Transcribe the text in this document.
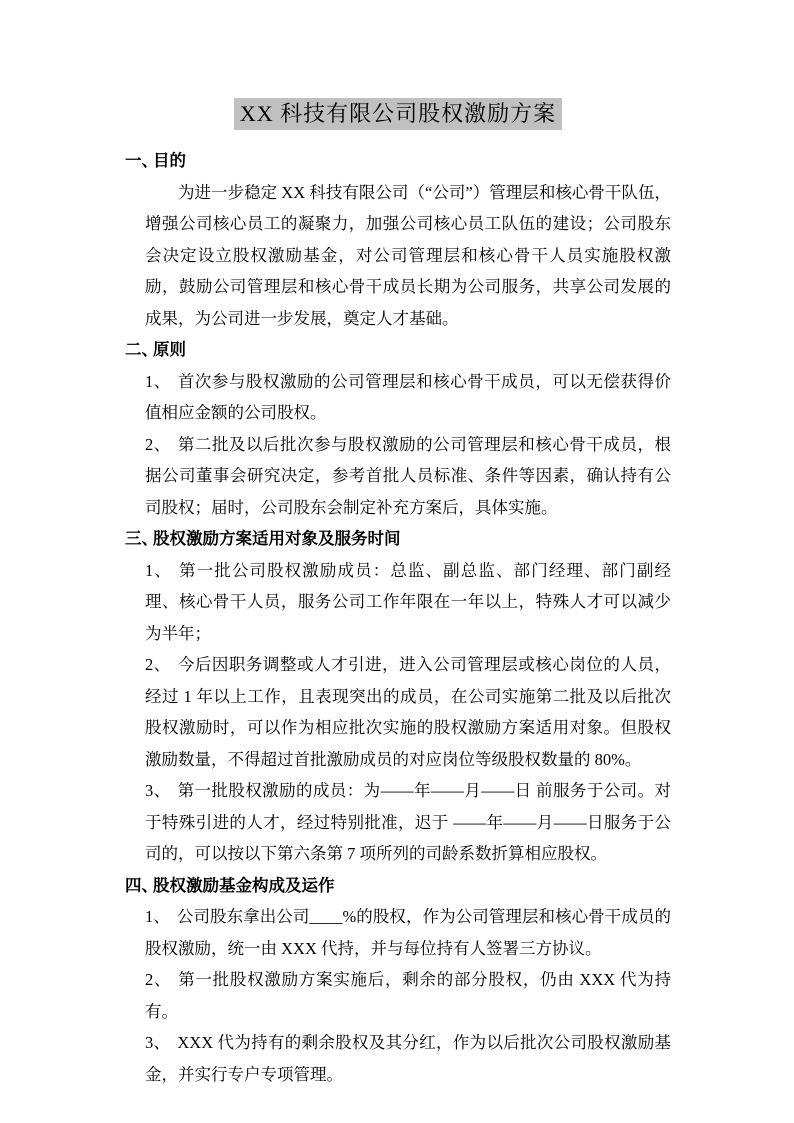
XX 科技有限公司股权激励方案
一、
目的

为进一步稳定 XX 科技有限公司（“公司”）管理层和核心骨干队伍，增强公司核心员工的凝聚力，加强公司核心员工队伍的建设；公司股东会决定设立股权激励基金，对公司管理层和核心骨干人员实施股权激励，鼓励公司管理层和核心骨干成员长期为公司服务，共享公司发展的成果，为公司进一步发展，奠定人才基础。

二、
原则
1、 首次参与股权激励的公司管理层和核心骨干成员，可以无偿获得价值相应金额的公司股权。
2、 第二批及以后批次参与股权激励的公司管理层和核心骨干成员，根据公司董事会研究决定，参考首批人员标准、条件等因素，确认持有公司股权；届时，公司股东会制定补充方案后，具体实施。
三、
股权激励方案适用对象及服务时间
1、 第一批公司股权激励成员：总监、副总监、部门经理、部门副经理、核心骨干人员，服务公司工作年限在一年以上，特殊人才可以减少为半年；
2、 今后因职务调整或人才引进，进入公司管理层或核心岗位的人员，经过 1 年以上工作，且表现突出的成员，在公司实施第二批及以后批次股权激励时，可以作为相应批次实施的股权激励方案适用对象。但股权激励数量，不得超过首批激励成员的对应岗位等级股权数量的 80%。
3、 第一批股权激励的成员：为——年——月——日 前服务于公司。对于特殊引进的人才，经过特别批准，迟于 ——年——月——日服务于公司的，可以按以下第六条第 7 项所列的司龄系数折算相应股权。
四、
股权激励基金构成及运作
1、 公司股东拿出公司____%的股权，作为公司管理层和核心骨干成员的股权激励，统一由 XXX 代持，并与每位持有人签署三方协议。
2、 第一批股权激励方案实施后，剩余的部分股权，仍由 XXX 代为持有。
3、 XXX 代为持有的剩余股权及其分红，作为以后批次公司股权激励基金，并实行专户专项管理。
